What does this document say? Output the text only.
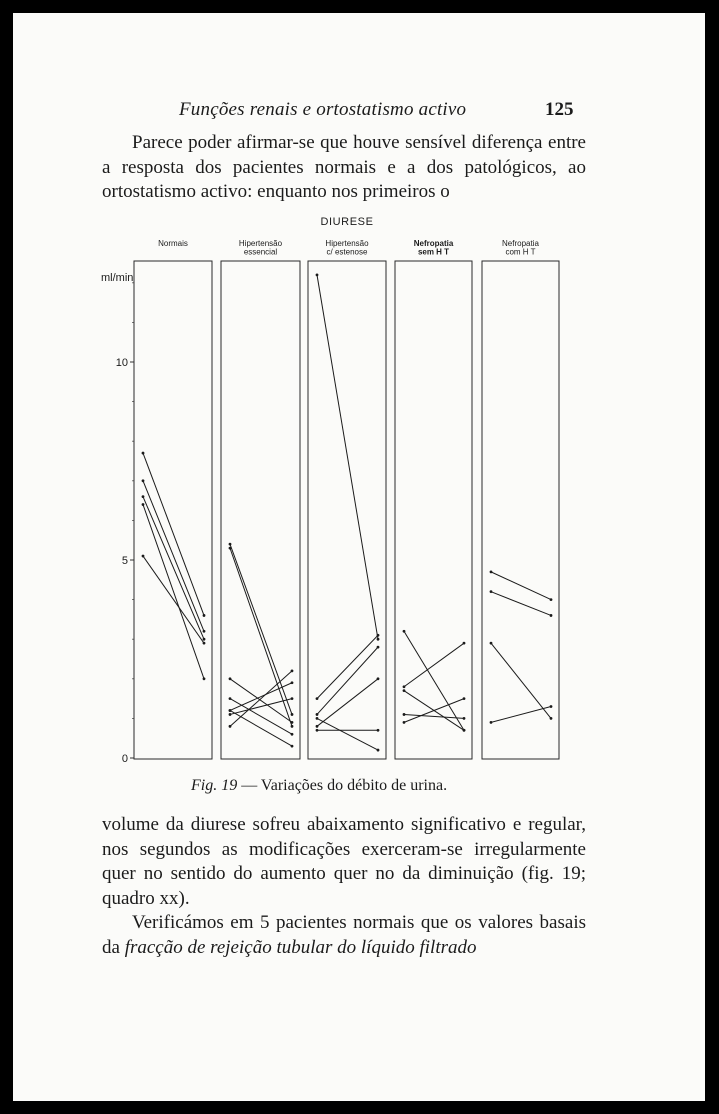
Funções renais e ortostatismo activo	125

Parece poder afirmar-se que houve sensível diferença entre a resposta dos pacientes normais e a dos patológicos, ao ortostatismo activo: enquanto nos primeiros o

DIURESE
ml/min
0
5
10
Normais	Hipertensão
essencial
Hipertensão
c/ estenose
Nefropatia
sem H T
Nefropatia
com H T
Fig. 19 — Variações do débito de urina.

volume da diurese sofreu abaixamento significativo e regular, nos segundos as modificações exerceram-se irregularmente quer no sentido do aumento quer no da diminuição (fig. 19; quadro xx).

Verificámos em 5 pacientes normais que os valores basais da fracção de rejeição tubular do líquido filtrado
